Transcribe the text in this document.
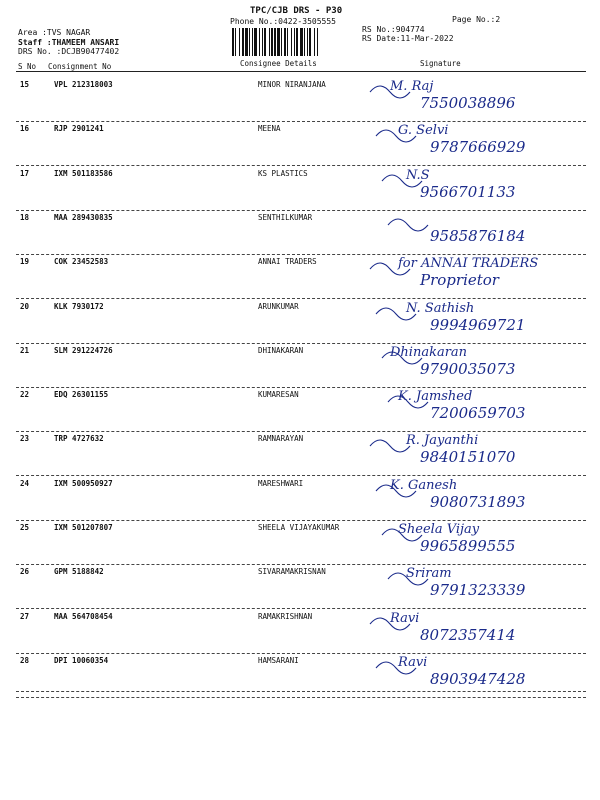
TPC/CJB DRS - P30
Phone No.:0422-3505555
Area :TVS NAGAR
Staff :THAMEEM ANSARI
DRS No. :DCJB90477402
RS No.:904774
RS Date:11-Mar-2022
Page No.:2
S No Consignment No	Consignee Details	Signature
15	VPL 212318003	MINOR NIRANJANA	M. Raj
7550038896
16	RJP 2901241	MEENA	G. Selvi
9787666929
17	IXM 501183586	KS PLASTICS	N.S
9566701133
18	MAA 289430835	SENTHILKUMAR
9585876184
19	COK 23452583	ANNAI TRADERS	for ANNAI TRADERS
Proprietor
20	KLK 7930172	ARUNKUMAR	N. Sathish
9994969721
21	SLM 291224726	DHINAKARAN	Dhinakaran
9790035073
22	EDQ 26301155	KUMARESAN	K. Jamshed
7200659703
23	TRP 4727632	RAMNARAYAN	R. Jayanthi
9840151070
24	IXM 500950927	MARESHWARI	K. Ganesh
9080731893
25	IXM 501207807	SHEELA VIJAYAKUMAR	Sheela Vijay
9965899555
26	GPM 5188842	SIVARAMAKRISNAN	Sriram
9791323339
27	MAA 564708454	RAMAKRISHNAN	Ravi
8072357414
28	DPI 10060354	HAMSARANI	Ravi
8903947428
